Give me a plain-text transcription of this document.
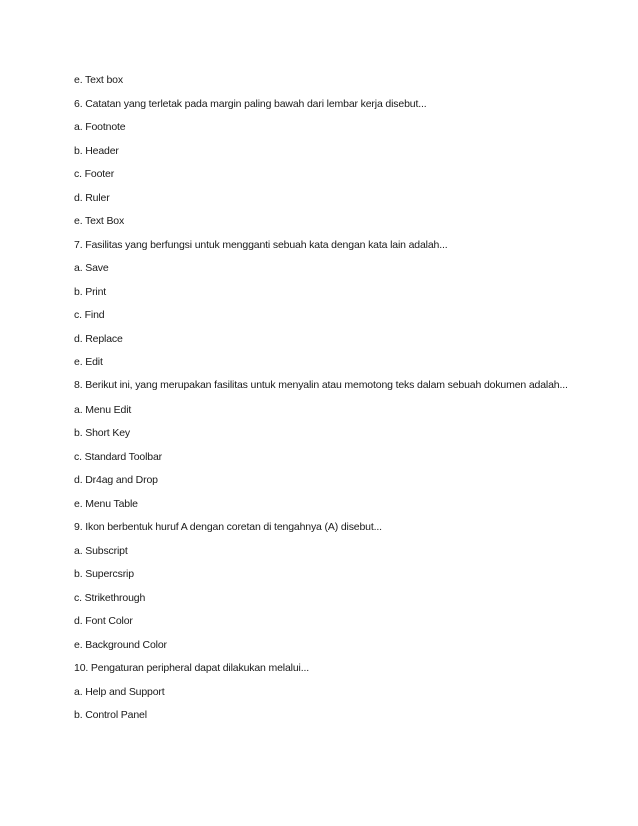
e. Text box
6. Catatan yang terletak pada margin paling bawah dari lembar kerja disebut...
a. Footnote
b. Header
c. Footer
d. Ruler
e. Text Box
7. Fasilitas yang berfungsi untuk mengganti sebuah kata dengan kata lain adalah...
a. Save
b. Print
c. Find
d. Replace
e. Edit
8. Berikut ini, yang merupakan fasilitas untuk menyalin atau memotong teks dalam sebuah dokumen adalah...
a. Menu Edit
b. Short Key
c. Standard Toolbar
d. Dr4ag and Drop
e. Menu Table
9. Ikon berbentuk huruf A dengan coretan di tengahnya (A) disebut...
a. Subscript
b. Supercsrip
c. Strikethrough
d. Font Color
e. Background Color
10. Pengaturan peripheral dapat dilakukan melalui...
a. Help and Support
b. Control Panel
